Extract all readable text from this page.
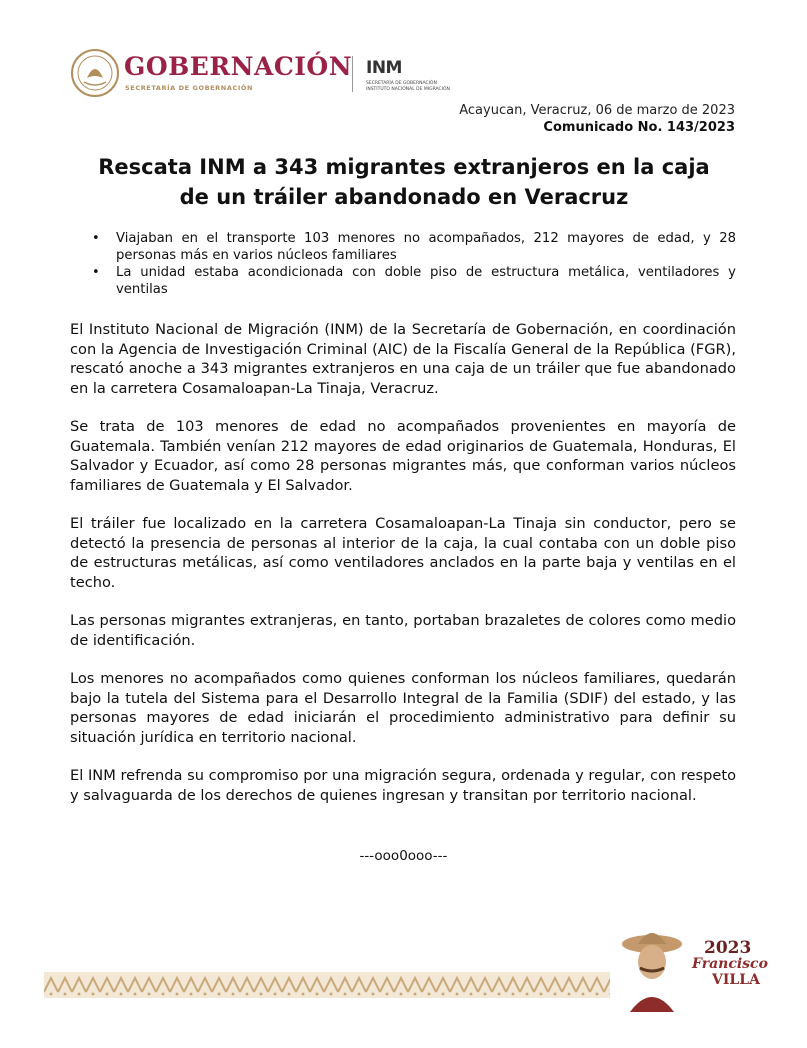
GOBERNACIÓN
SECRETARÍA DE GOBERNACIÓN
INM
SECRETARÍA DE GOBERNACIÓN
INSTITUTO NACIONAL DE MIGRACIÓN
Acayucan, Veracruz, 06 de marzo de 2023
Comunicado No. 143/2023
Rescata INM a 343 migrantes extranjeros en la caja
de un tráiler abandonado en Veracruz
• Viajaban en el transporte 103 menores no acompañados, 212 mayores de edad, y 28 personas más en varios núcleos familiares
• La unidad estaba acondicionada con doble piso de estructura metálica, ventiladores y ventilas

El Instituto Nacional de Migración (INM) de la Secretaría de Gobernación, en coordinación con la Agencia de Investigación Criminal (AIC) de la Fiscalía General de la República (FGR), rescató anoche a 343 migrantes extranjeros en una caja de un tráiler que fue abandonado en la carretera Cosamaloapan-La Tinaja, Veracruz.

Se trata de 103 menores de edad no acompañados provenientes en mayoría de Guatemala. También venían 212 mayores de edad originarios de Guatemala, Honduras, El Salvador y Ecuador, así como 28 personas migrantes más, que conforman varios núcleos familiares de Guatemala y El Salvador.

El tráiler fue localizado en la carretera Cosamaloapan-La Tinaja sin conductor, pero se detectó la presencia de personas al interior de la caja, la cual contaba con un doble piso de estructuras metálicas, así como ventiladores anclados en la parte baja y ventilas en el techo.

Las personas migrantes extranjeras, en tanto, portaban brazaletes de colores como medio de identificación.

Los menores no acompañados como quienes conforman los núcleos familiares, quedarán bajo la tutela del Sistema para el Desarrollo Integral de la Familia (SDIF) del estado, y las personas mayores de edad iniciarán el procedimiento administrativo para definir su situación jurídica en territorio nacional.

El INM refrenda su compromiso por una migración segura, ordenada y regular, con respeto y salvaguarda de los derechos de quienes ingresan y transitan por territorio nacional.

---ooo0ooo---
2023
Francisco
VILLA
